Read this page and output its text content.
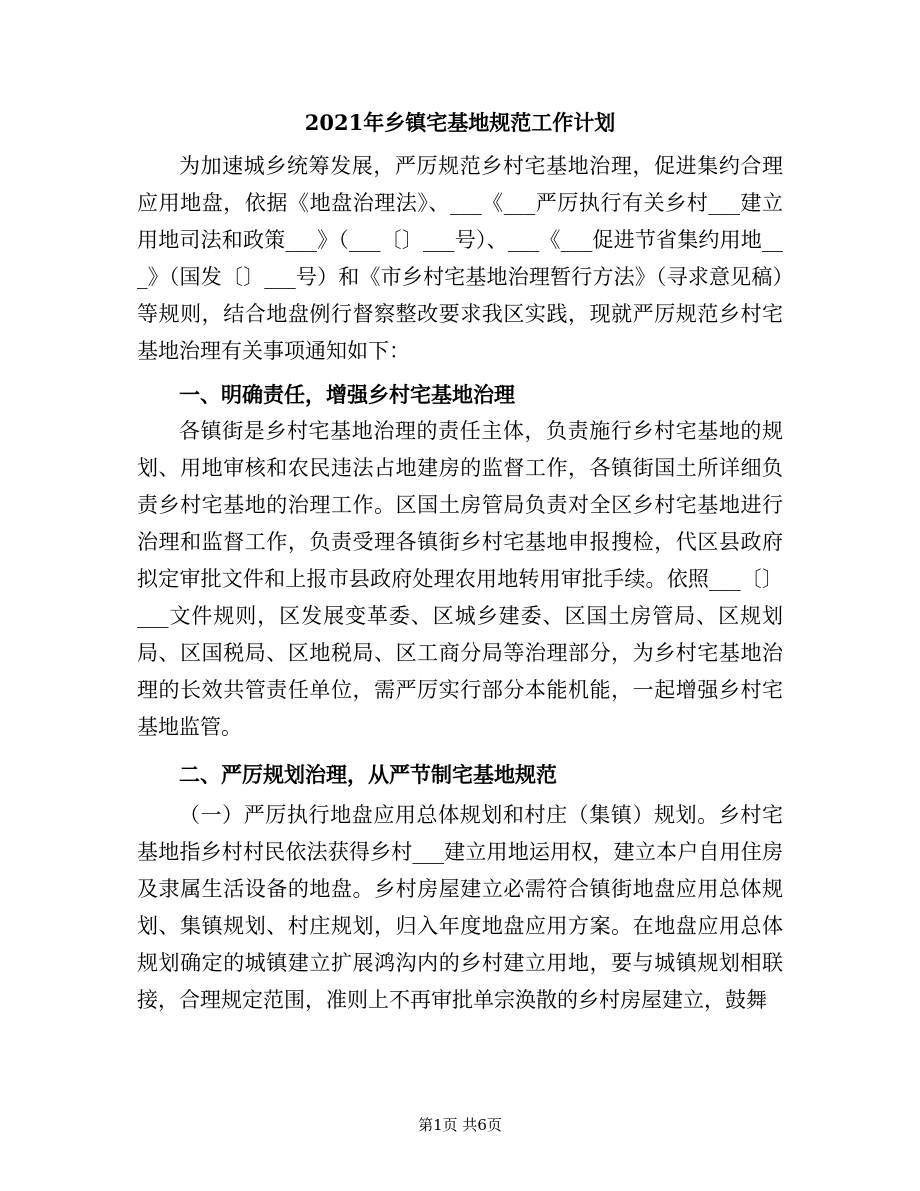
2021年乡镇宅基地规范工作计划

为加速城乡统筹发展，严厉规范乡村宅基地治理，促进集约合理应用地盘，依据《地盘治理法》、___《___严厉执行有关乡村___建立用地司法和政策___》（___〔〕___号）、___《___促进节省集约用地___》（国发〔〕___号）和《市乡村宅基地治理暂行方法》（寻求意见稿）等规则，结合地盘例行督察整改要求我区实践，现就严厉规范乡村宅基地治理有关事项通知如下：

一、明确责任，增强乡村宅基地治理

各镇街是乡村宅基地治理的责任主体，负责施行乡村宅基地的规划、用地审核和农民违法占地建房的监督工作，各镇街国土所详细负责乡村宅基地的治理工作。区国土房管局负责对全区乡村宅基地进行治理和监督工作，负责受理各镇街乡村宅基地申报搜检，代区县政府拟定审批文件和上报市县政府处理农用地转用审批手续。依照___〔〕___文件规则，区发展变革委、区城乡建委、区国土房管局、区规划局、区国税局、区地税局、区工商分局等治理部分，为乡村宅基地治理的长效共管责任单位，需严厉实行部分本能机能，一起增强乡村宅基地监管。

二、严厉规划治理，从严节制宅基地规范

（一）严厉执行地盘应用总体规划和村庄（集镇）规划。乡村宅基地指乡村村民依法获得乡村___建立用地运用权，建立本户自用住房及隶属生活设备的地盘。乡村房屋建立必需符合镇街地盘应用总体规划、集镇规划、村庄规划，归入年度地盘应用方案。在地盘应用总体规划确定的城镇建立扩展鸿沟内的乡村建立用地，要与城镇规划相联接，合理规定范围，准则上不再审批单宗涣散的乡村房屋建立，鼓舞

第1页 共6页
